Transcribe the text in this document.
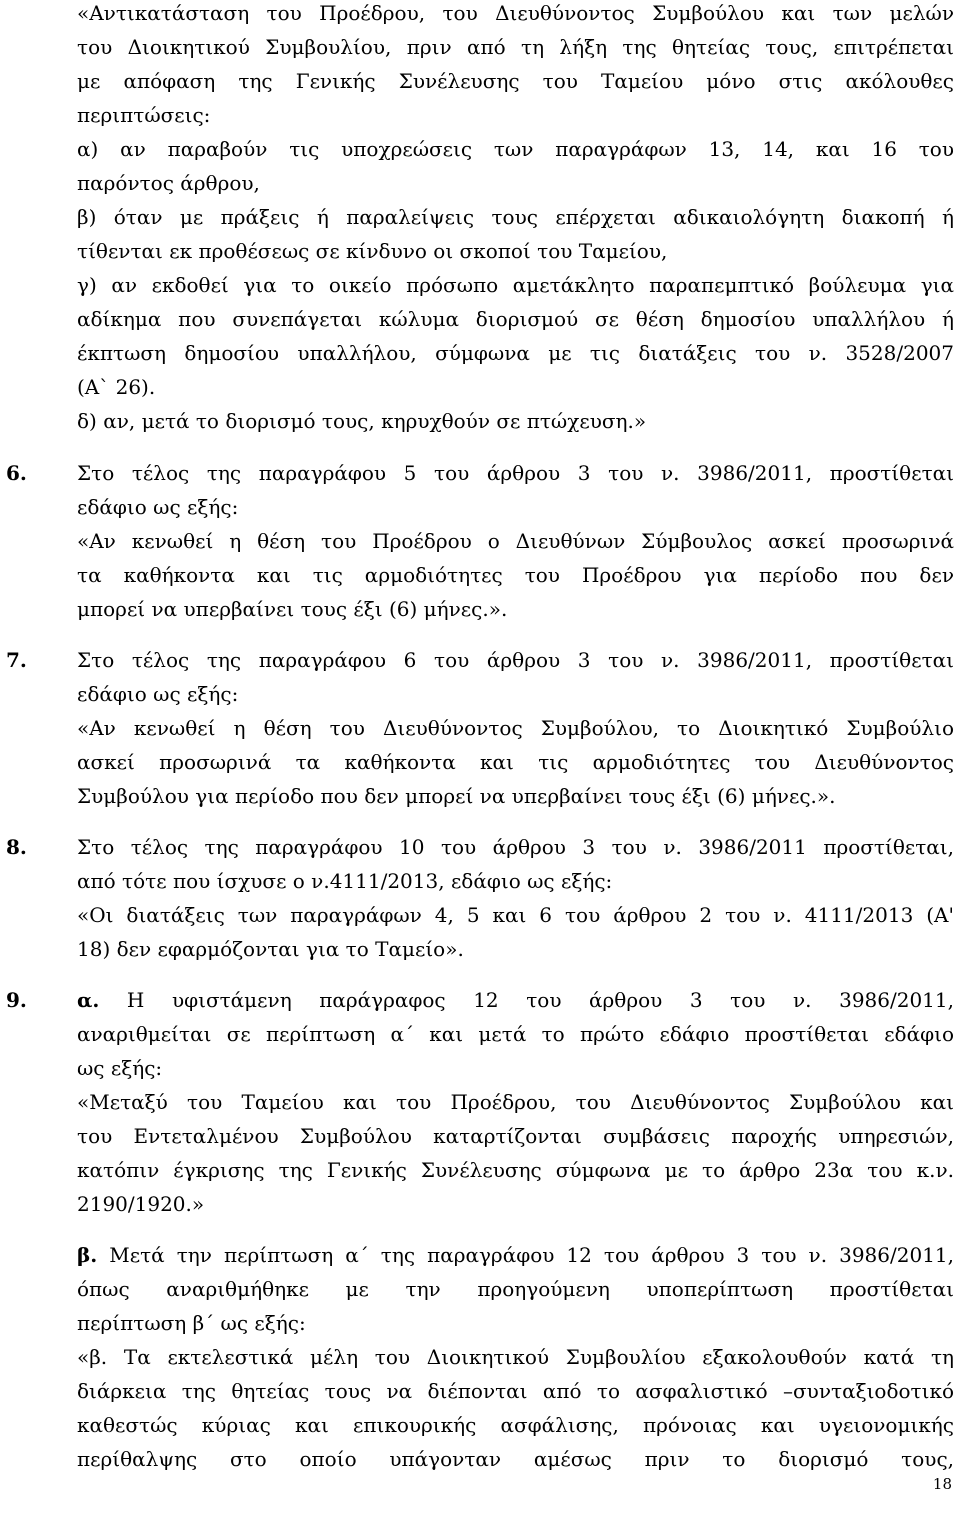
«Αντικατάσταση του Προέδρου, του Διευθύνοντος Συμβούλου και των μελών
του Διοικητικού Συμβουλίου, πριν από τη λήξη της θητείας τους, επιτρέπεται
με απόφαση της Γενικής Συνέλευσης του Ταμείου μόνο στις ακόλουθες
περιπτώσεις:
α) αν παραβούν τις υποχρεώσεις των παραγράφων 13, 14, και 16 του
παρόντος άρθρου,
β) όταν με πράξεις ή παραλείψεις τους επέρχεται αδικαιολόγητη διακοπή ή
τίθενται εκ προθέσεως σε κίνδυνο οι σκοποί του Ταμείου,
γ) αν εκδοθεί για το οικείο πρόσωπο αμετάκλητο παραπεμπτικό βούλευμα για
αδίκημα που συνεπάγεται κώλυμα διορισμού σε θέση δημοσίου υπαλλήλου ή
έκπτωση δημοσίου υπαλλήλου, σύμφωνα με τις διατάξεις του ν. 3528/2007
(Α` 26).
δ) αν, μετά το διορισμό τους, κηρυχθούν σε πτώχευση.»
6.	Στο τέλος της παραγράφου 5 του άρθρου 3 του ν. 3986/2011, προστίθεται
εδάφιο ως εξής:
«Αν κενωθεί η θέση του Προέδρου ο Διευθύνων Σύμβουλος ασκεί προσωρινά
τα καθήκοντα και τις αρμοδιότητες του Προέδρου για περίοδο που δεν
μπορεί να υπερβαίνει τους έξι (6) μήνες.».
7.	Στο τέλος της παραγράφου 6 του άρθρου 3 του ν. 3986/2011, προστίθεται
εδάφιο ως εξής:
«Αν κενωθεί η θέση του Διευθύνοντος Συμβούλου, το Διοικητικό Συμβούλιο
ασκεί προσωρινά τα καθήκοντα και τις αρμοδιότητες του Διευθύνοντος
Συμβούλου για περίοδο που δεν μπορεί να υπερβαίνει τους έξι (6) μήνες.».
8.	Στο τέλος της παραγράφου 10 του άρθρου 3 του ν. 3986/2011 προστίθεται,
από τότε που ίσχυσε ο ν.4111/2013, εδάφιο ως εξής:
«Οι διατάξεις των παραγράφων 4, 5 και 6 του άρθρου 2 του ν. 4111/2013 (Α'
18) δεν εφαρμόζονται για το Ταμείο».
9.	α. Η υφιστάμενη παράγραφος 12 του άρθρου 3 του ν. 3986/2011,
αναριθμείται σε περίπτωση α΄ και μετά το πρώτο εδάφιο προστίθεται εδάφιο
ως εξής:
«Μεταξύ του Ταμείου και του Προέδρου, του Διευθύνοντος Συμβούλου και
του Εντεταλμένου Συμβούλου καταρτίζονται συμβάσεις παροχής υπηρεσιών,
κατόπιν έγκρισης της Γενικής Συνέλευσης σύμφωνα με το άρθρο 23α του κ.ν.
2190/1920.»
β. Μετά την περίπτωση α΄ της παραγράφου 12 του άρθρου 3 του ν. 3986/2011,
όπως αναριθμήθηκε με την προηγούμενη υποπερίπτωση προστίθεται
περίπτωση β΄ ως εξής:
«β. Τα εκτελεστικά μέλη του Διοικητικού Συμβουλίου εξακολουθούν κατά τη
διάρκεια της θητείας τους να διέπονται από το ασφαλιστικό –συνταξιοδοτικό
καθεστώς κύριας και επικουρικής ασφάλισης, πρόνοιας και υγειονομικής
περίθαλψης στο οποίο υπάγονταν αμέσως πριν το διορισμό τους,
18
